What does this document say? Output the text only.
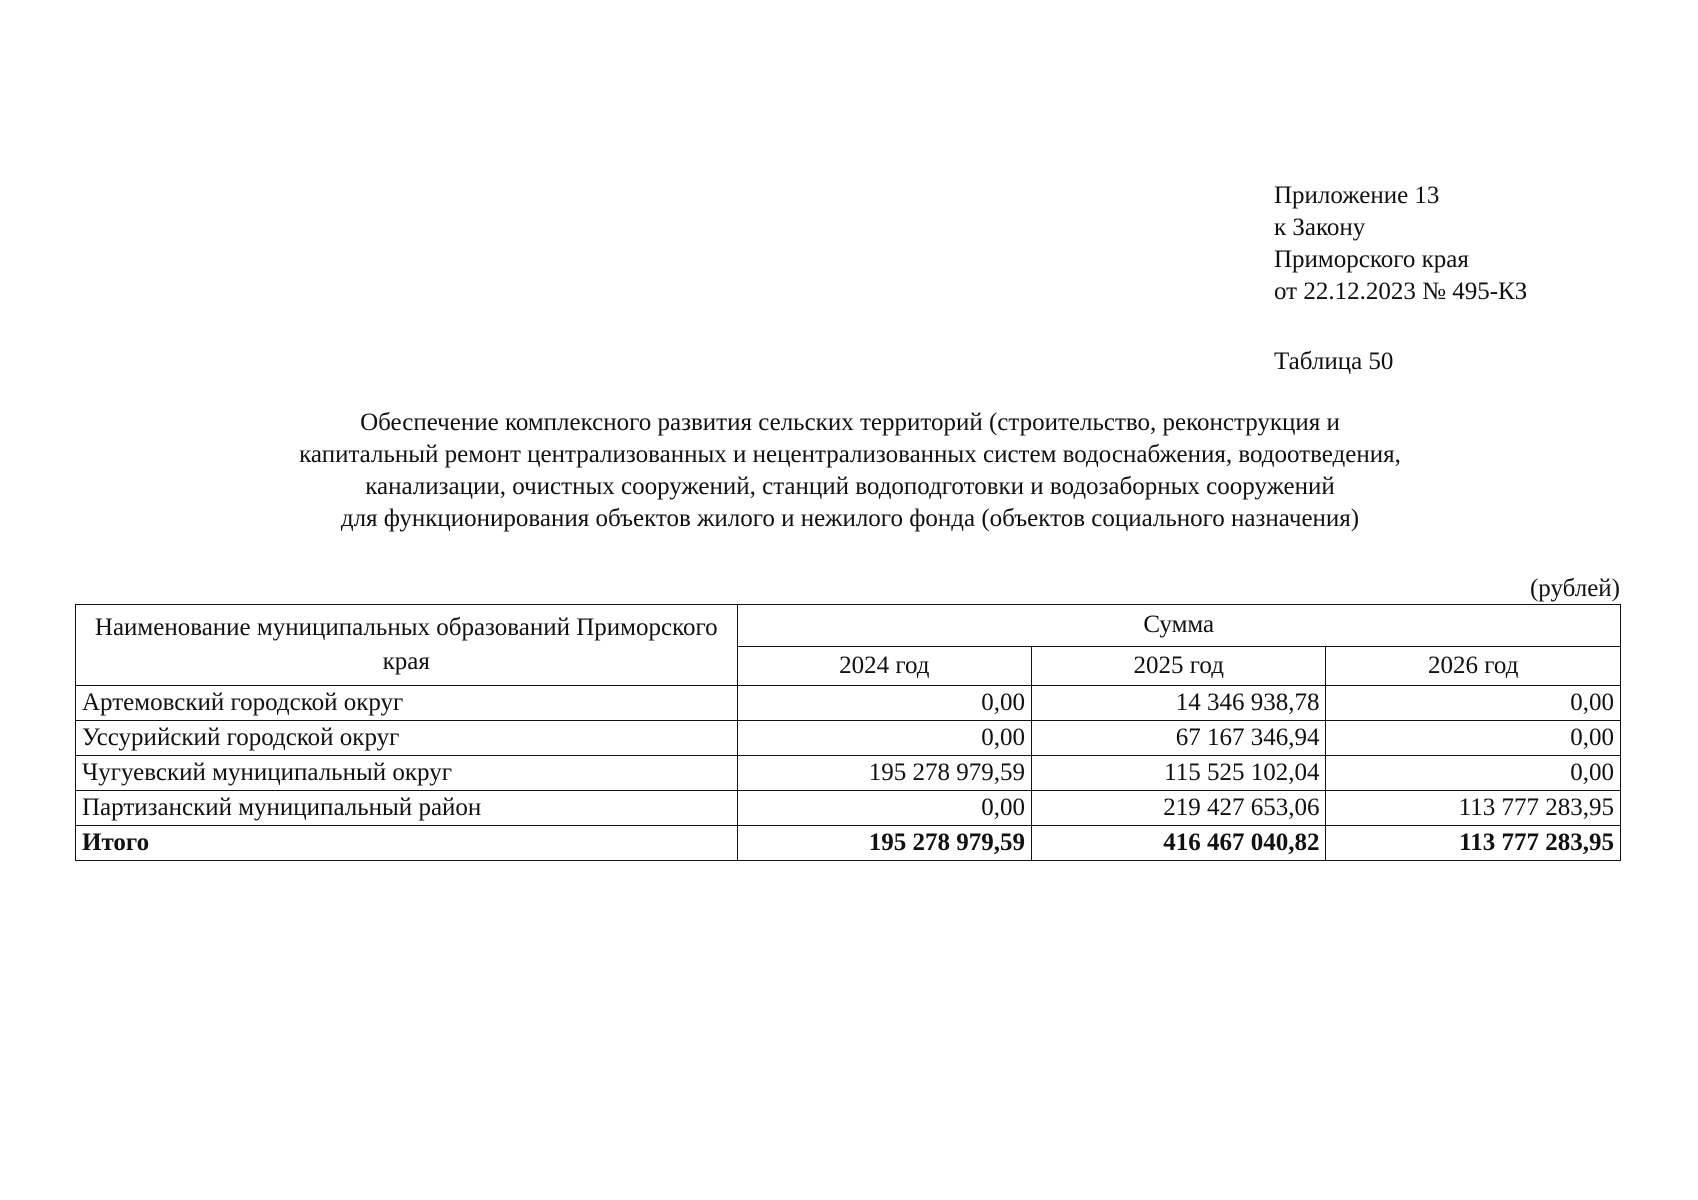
Приложение 13
к Закону
Приморского края
от 22.12.2023 № 495-КЗ
Таблица 50
Обеспечение комплексного развития сельских территорий (строительство, реконструкция и
капитальный ремонт централизованных и нецентрализованных систем водоснабжения, водоотведения,
канализации, очистных сооружений, станций водоподготовки и водозаборных сооружений
для функционирования объектов жилого и нежилого фонда (объектов социального назначения)
(рублей)
Наименование муниципальных образований Приморского края	Сумма		
	2024 год	2025 год	2026 год
Артемовский городской округ	0,00	14 346 938,78	0,00
Уссурийский городской округ	0,00	67 167 346,94	0,00
Чугуевский муниципальный округ	195 278 979,59	115 525 102,04	0,00
Партизанский муниципальный район	0,00	219 427 653,06	113 777 283,95
Итого	195 278 979,59	416 467 040,82	113 777 283,95
